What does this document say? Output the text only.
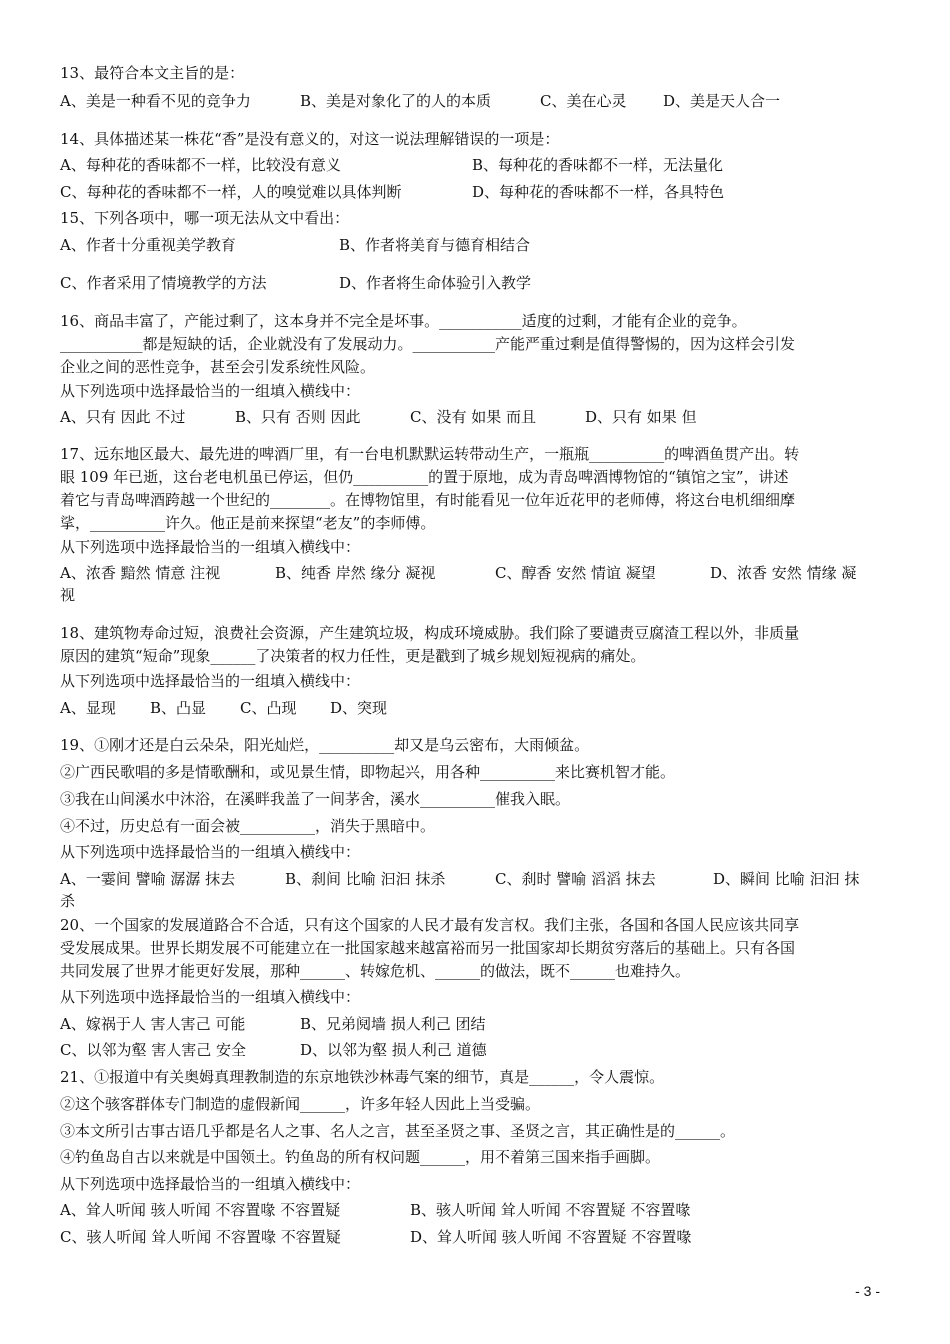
13、最符合本文主旨的是：
A、美是一种看不见的竞争力	B、美是对象化了的人的本质	C、美在心灵 D、美是天人合一
14、具体描述某一株花“香”是没有意义的，对这一说法理解错误的一项是：
A、每种花的香味都不一样，比较没有意义	B、每种花的香味都不一样，无法量化
C、每种花的香味都不一样，人的嗅觉难以具体判断	D、每种花的香味都不一样，各具特色
15、下列各项中，哪一项无法从文中看出：
A、作者十分重视美学教育	B、作者将美育与德育相结合
C、作者采用了情境教学的方法	D、作者将生命体验引入教学
16、商品丰富了，产能过剩了，这本身并不完全是坏事。___________适度的过剩，才能有企业的竞争。
___________都是短缺的话，企业就没有了发展动力。___________产能严重过剩是值得警惕的，因为这样会引发
企业之间的恶性竞争，甚至会引发系统性风险。
从下列选项中选择最恰当的一组填入横线中：
A、只有 因此 不过	B、只有 否则 因此	C、没有 如果 而且	D、只有 如果 但
17、远东地区最大、最先进的啤酒厂里，有一台电机默默运转带动生产，一瓶瓶__________的啤酒鱼贯产出。转
眼 109 年已逝，这台老电机虽已停运，但仍__________的置于原地，成为青岛啤酒博物馆的“镇馆之宝”，讲述
着它与青岛啤酒跨越一个世纪的________。在博物馆里，有时能看见一位年近花甲的老师傅，将这台电机细细摩
挲，__________许久。他正是前来探望“老友”的李师傅。
从下列选项中选择最恰当的一组填入横线中：
A、浓香 黯然 情意 注视	B、纯香 岸然 缘分 凝视	C、醇香 安然 情谊 凝望	D、浓香 安然 情缘 凝
视
18、建筑物寿命过短，浪费社会资源，产生建筑垃圾，构成环境威胁。我们除了要谴责豆腐渣工程以外，非质量
原因的建筑“短命”现象______了决策者的权力任性，更是戳到了城乡规划短视病的痛处。
从下列选项中选择最恰当的一组填入横线中：
A、显现 B、凸显 C、凸现 D、突现
19、①刚才还是白云朵朵，阳光灿烂，__________却又是乌云密布，大雨倾盆。
②广西民歌唱的多是情歌酬和，或见景生情，即物起兴，用各种__________来比赛机智才能。
③我在山间溪水中沐浴，在溪畔我盖了一间茅舍，溪水__________催我入眠。
④不过，历史总有一面会被__________，消失于黑暗中。
从下列选项中选择最恰当的一组填入横线中：
A、一霎间 譬喻 潺潺 抹去	B、刹间 比喻 汩汩 抹杀	C、刹时 譬喻 滔滔 抹去	D、瞬间 比喻 汩汩 抹
杀
20、一个国家的发展道路合不合适，只有这个国家的人民才最有发言权。我们主张，各国和各国人民应该共同享
受发展成果。世界长期发展不可能建立在一批国家越来越富裕而另一批国家却长期贫穷落后的基础上。只有各国
共同发展了世界才能更好发展，那种______、转嫁危机、______的做法，既不______也难持久。
从下列选项中选择最恰当的一组填入横线中：
A、嫁祸于人 害人害己 可能	B、兄弟阋墙 损人利己 团结
C、以邻为壑 害人害己 安全	D、以邻为壑 损人利己 道德
21、①报道中有关奥姆真理教制造的东京地铁沙林毒气案的细节，真是______，令人震惊。
②这个骇客群体专门制造的虚假新闻______，许多年轻人因此上当受骗。
③本文所引古事古语几乎都是名人之事、名人之言，甚至圣贤之事、圣贤之言，其正确性是的______。
④钓鱼岛自古以来就是中国领土。钓鱼岛的所有权问题______，用不着第三国来指手画脚。
从下列选项中选择最恰当的一组填入横线中：
A、耸人听闻 骇人听闻 不容置喙 不容置疑	B、骇人听闻 耸人听闻 不容置疑 不容置喙
C、骇人听闻 耸人听闻 不容置喙 不容置疑	D、耸人听闻 骇人听闻 不容置疑 不容置喙
- 3 -
